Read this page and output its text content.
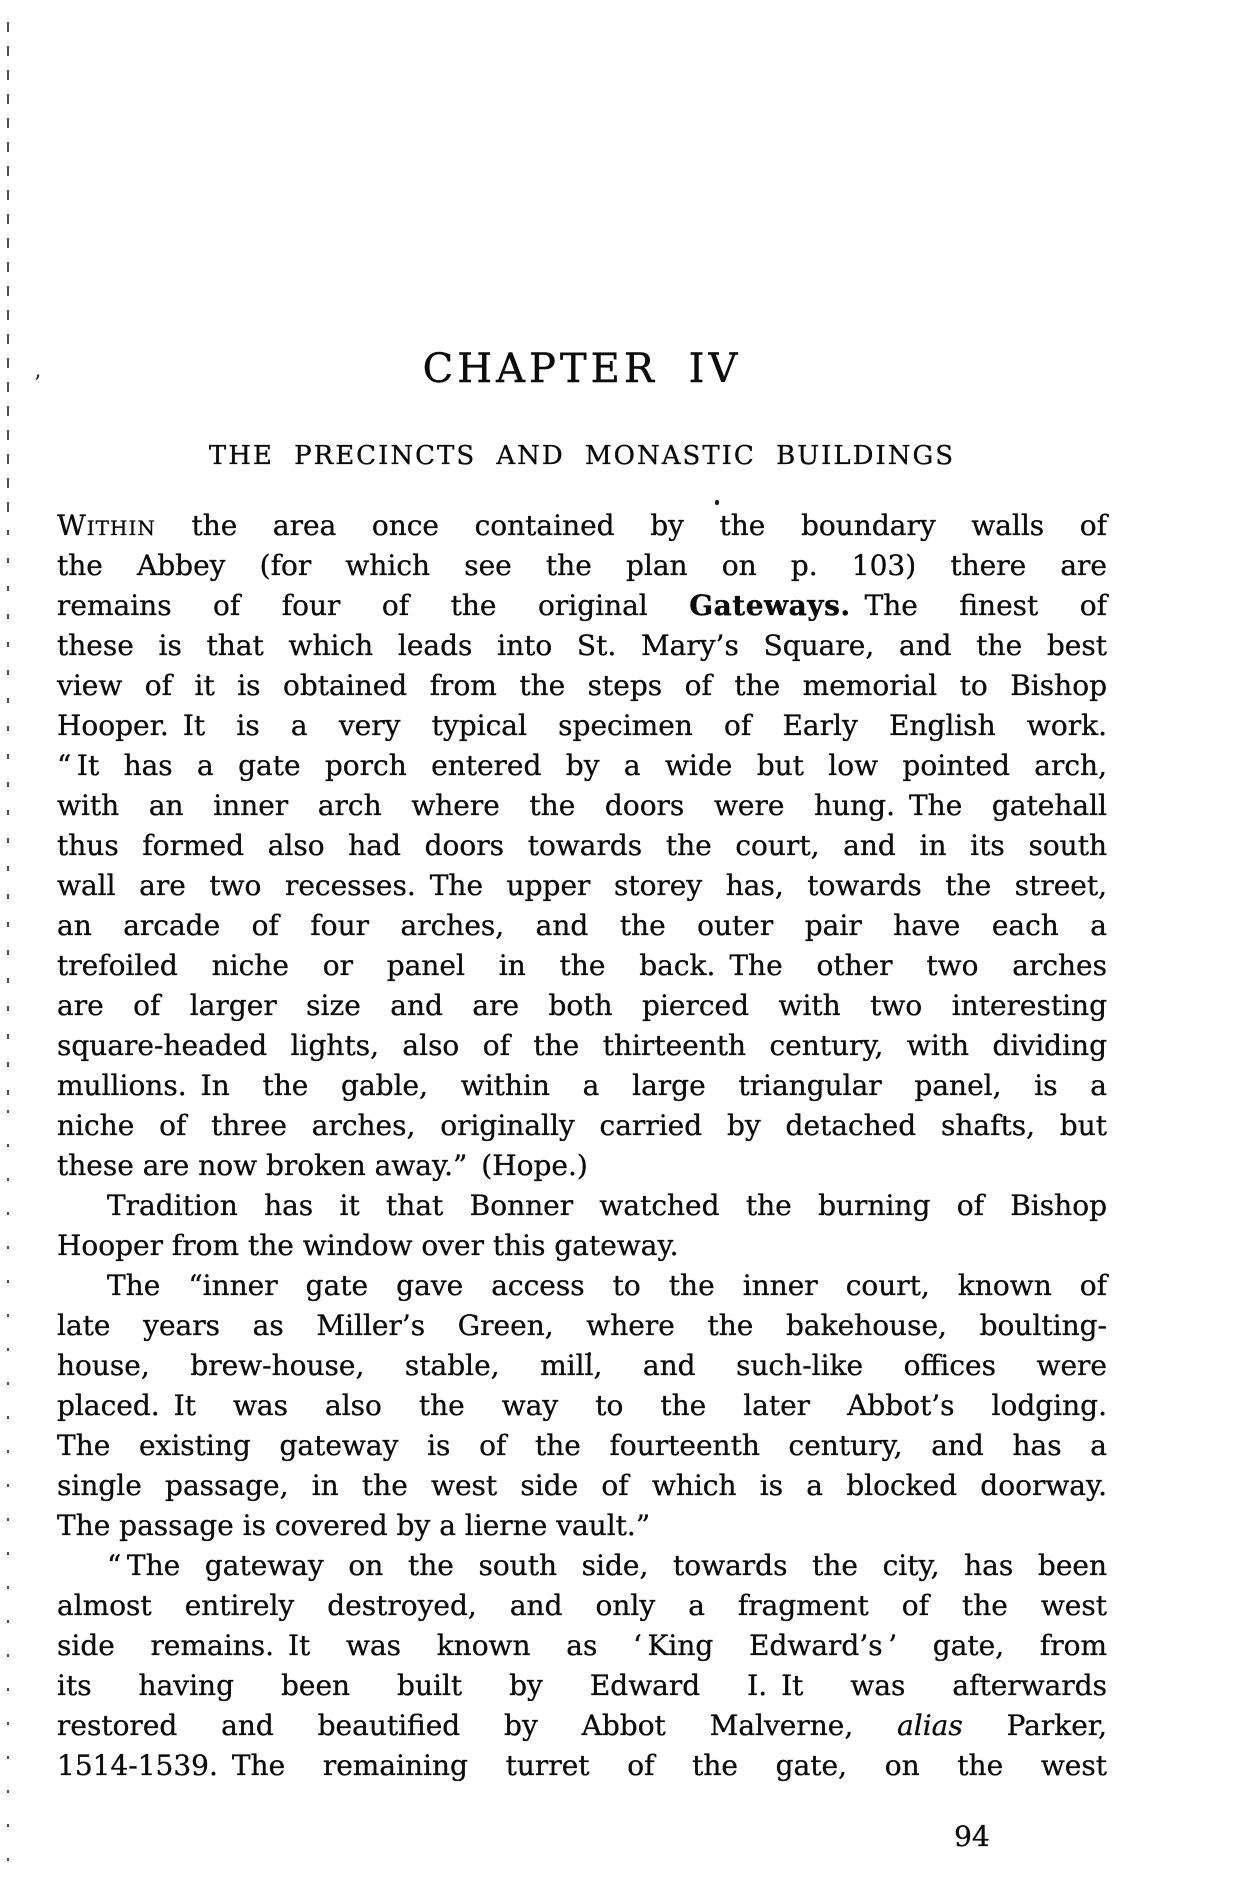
’	CHAPTER IV
THE PRECINCTS AND MONASTIC BUILDINGS
Within the area once contained by the boundary walls of
the Abbey (for which see the plan on p. 103) there are
remains of four of the original Gateways. The finest of
these is that which leads into St. Mary’s Square, and the best
view of it is obtained from the steps of the memorial to Bishop
Hooper. It is a very typical specimen of Early English work.
“ It has a gate porch entered by a wide but low pointed arch,
with an inner arch where the doors were hung. The gatehall
thus formed also had doors towards the court, and in its south
wall are two recesses. The upper storey has, towards the street,
an arcade of four arches, and the outer pair have each a
trefoiled niche or panel in the back. The other two arches
are of larger size and are both pierced with two interesting
square-headed lights, also of the thirteenth century, with dividing
mullions. In the gable, within a large triangular panel, is a
niche of three arches, originally carried by detached shafts, but
these are now broken away.” (Hope.)
Tradition has it that Bonner watched the burning of Bishop
Hooper from the window over this gateway.
The “inner gate gave access to the inner court, known of
late years as Miller’s Green, where the bakehouse, boulting-
house, brew-house, stable, mill, and such-like offices were
placed. It was also the way to the later Abbot’s lodging.
The existing gateway is of the fourteenth century, and has a
single passage, in the west side of which is a blocked doorway.
The passage is covered by a lierne vault.”
“ The gateway on the south side, towards the city, has been
almost entirely destroyed, and only a fragment of the west
side remains. It was known as ‘ King Edward’s ’ gate, from
its having been built by Edward I. It was afterwards
restored and beautified by Abbot Malverne, alias Parker,
1514-1539. The remaining turret of the gate, on the west
94
